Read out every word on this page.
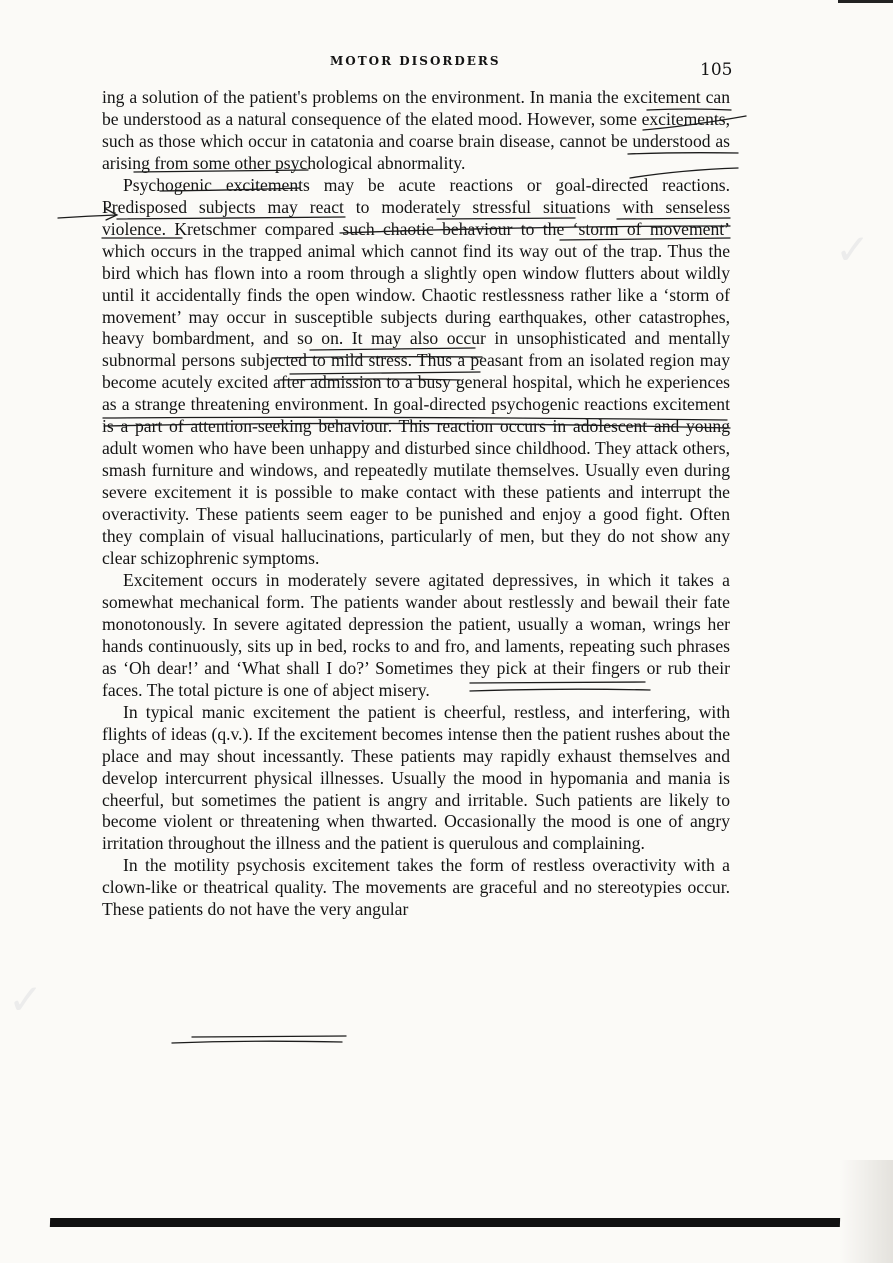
MOTOR DISORDERS	105

ing a solution of the patient's problems on the environment. In mania the excitement can be understood as a natural consequence of the elated mood. However, some excitements, such as those which occur in catatonia and coarse brain disease, cannot be understood as arising from some other psychological abnormality.

Psychogenic excitements may be acute reactions or goal-directed reactions. Predisposed subjects may react to moderately stressful situations with senseless violence. Kretschmer compared such chaotic behaviour to the ‘storm of movement’ which occurs in the trapped animal which cannot find its way out of the trap. Thus the bird which has flown into a room through a slightly open window flutters about wildly until it accidentally finds the open window. Chaotic restlessness rather like a ‘storm of movement’ may occur in susceptible subjects during earthquakes, other catastrophes, heavy bombardment, and so on. It may also occur in unsophisticated and mentally subnormal persons subjected to mild stress. Thus a peasant from an isolated region may become acutely excited after admission to a busy general hospital, which he experiences as a strange threatening environment. In goal-directed psychogenic reactions excitement is a part of attention-seeking behaviour. This reaction occurs in adolescent and young adult women who have been unhappy and disturbed since childhood. They attack others, smash furniture and windows, and repeatedly mutilate themselves. Usually even during severe excitement it is possible to make contact with these patients and interrupt the overactivity. These patients seem eager to be punished and enjoy a good fight. Often they complain of visual hallucinations, particularly of men, but they do not show any clear schizophrenic symptoms.

Excitement occurs in moderately severe agitated depressives, in which it takes a somewhat mechanical form. The patients wander about restlessly and bewail their fate monotonously. In severe agitated depression the patient, usually a woman, wrings her hands continuously, sits up in bed, rocks to and fro, and laments, repeating such phrases as ‘Oh dear!’ and ‘What shall I do?’ Sometimes they pick at their fingers or rub their faces. The total picture is one of abject misery.

In typical manic excitement the patient is cheerful, restless, and interfering, with flights of ideas (q.v.). If the excitement becomes intense then the patient rushes about the place and may shout incessantly. These patients may rapidly exhaust themselves and develop intercurrent physical illnesses. Usually the mood in hypomania and mania is cheerful, but sometimes the patient is angry and irritable. Such patients are likely to become violent or threatening when thwarted. Occasionally the mood is one of angry irritation throughout the illness and the patient is querulous and complaining.

In the motility psychosis excitement takes the form of restless overactivity with a clown-like or theatrical quality. The movements are graceful and no stereotypies occur. These patients do not have the very angular

✓
✓
